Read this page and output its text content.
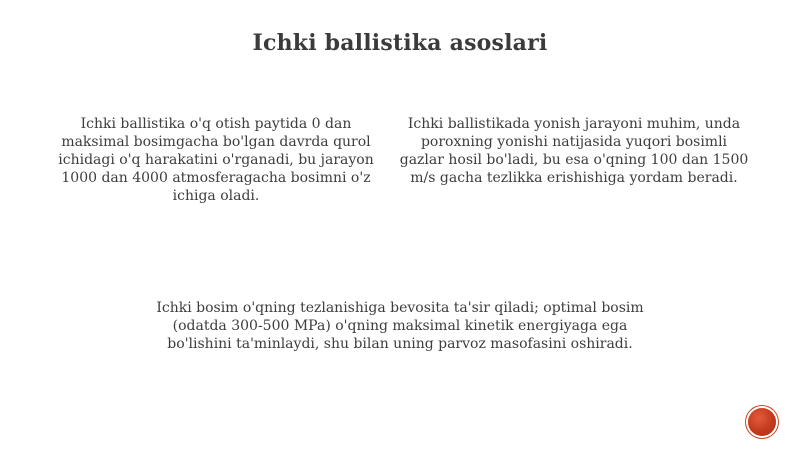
Ichki ballistika asoslari

Ichki ballistika o'q otish paytida 0 dan maksimal bosimgacha bo'lgan davrda qurol ichidagi o'q harakatini o'rganadi, bu jarayon 1000 dan 4000 atmosferagacha bosimni o'z ichiga oladi.

Ichki ballistikada yonish jarayoni muhim, unda poroxning yonishi natijasida yuqori bosimli gazlar hosil bo'ladi, bu esa o'qning 100 dan 1500 m/s gacha tezlikka erishishiga yordam beradi.

Ichki bosim o'qning tezlanishiga bevosita ta'sir qiladi; optimal bosim (odatda 300-500 MPa) o'qning maksimal kinetik energiyaga ega bo'lishini ta'minlaydi, shu bilan uning parvoz masofasini oshiradi.
